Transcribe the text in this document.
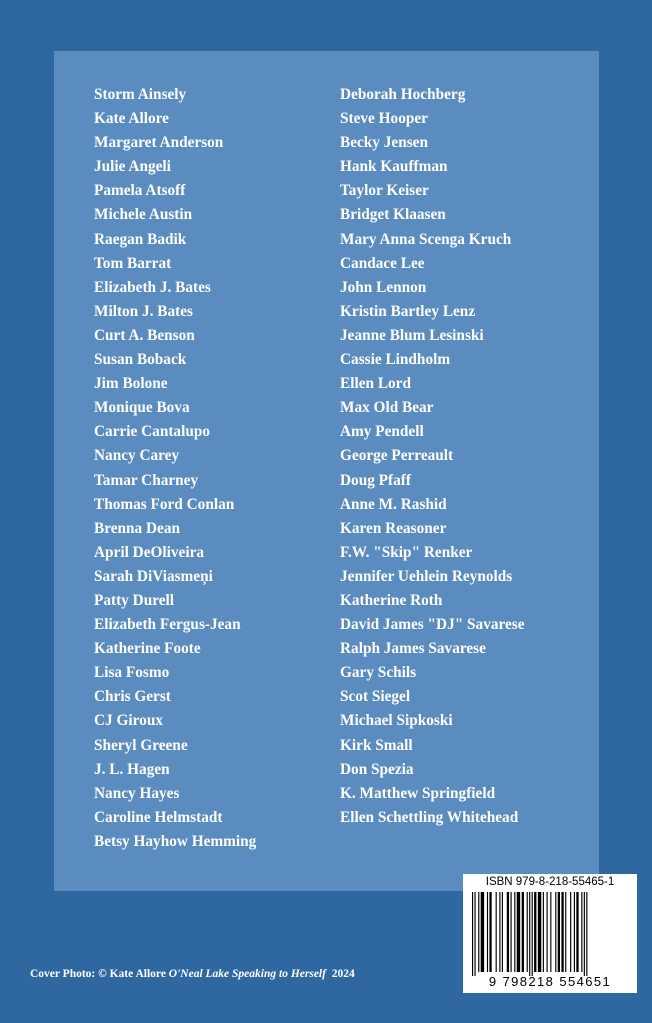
Storm Ainsely
Kate Allore
Margaret Anderson
Julie Angeli
Pamela Atsoff
Michele Austin
Raegan Badik
Tom Barrat
Elizabeth J. Bates
Milton J. Bates
Curt A. Benson
Susan Boback
Jim Bolone
Monique Bova
Carrie Cantalupo
Nancy Carey
Tamar Charney
Thomas Ford Conlan
Brenna Dean
April DeOliveira
Sarah DiViasmeņi
Patty Durell
Elizabeth Fergus-Jean
Katherine Foote
Lisa Fosmo
Chris Gerst
CJ Giroux
Sheryl Greene
J. L. Hagen
Nancy Hayes
Caroline Helmstadt
Betsy Hayhow Hemming
Deborah Hochberg
Steve Hooper
Becky Jensen
Hank Kauffman
Taylor Keiser
Bridget Klaasen
Mary Anna Scenga Kruch
Candace Lee
John Lennon
Kristin Bartley Lenz
Jeanne Blum Lesinski
Cassie Lindholm
Ellen Lord
Max Old Bear
Amy Pendell
George Perreault
Doug Pfaff
Anne M. Rashid
Karen Reasoner
F.W. "Skip" Renker
Jennifer Uehlein Reynolds
Katherine Roth
David James "DJ" Savarese
Ralph James Savarese
Gary Schils
Scot Siegel
Michael Sipkoski
Kirk Small
Don Spezia
K. Matthew Springfield
Ellen Schettling Whitehead
ISBN 979-8-218-55465-1
9 798218 554651
Cover Photo: © Kate Allore O'Neal Lake Speaking to Herself 2024
